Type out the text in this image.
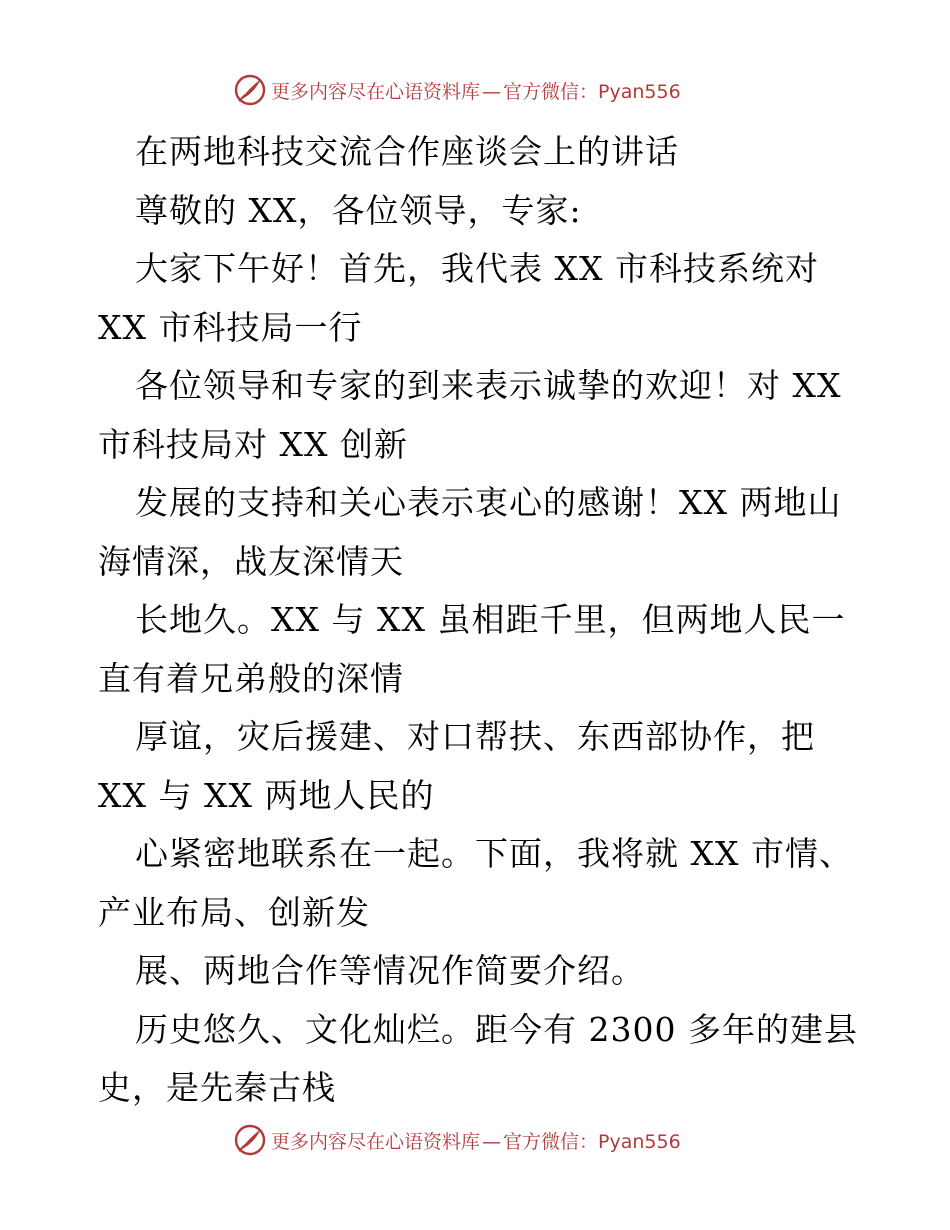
更多内容尽在心语资料库 — 官方微信：Pyan556
在两地科技交流合作座谈会上的讲话
尊敬的 XX，各位领导，专家:
大家下午好！首先，我代表 XX 市科技系统对
XX 市科技局一行
各位领导和专家的到来表示诚挚的欢迎！对 XX
市科技局对 XX 创新
发展的支持和关心表示衷心的感谢！XX 两地山
海情深，战友深情天
长地久。XX 与 XX 虽相距千里，但两地人民一
直有着兄弟般的深情
厚谊，灾后援建、对口帮扶、东西部协作，把
XX 与 XX 两地人民的
心紧密地联系在一起。下面，我将就 XX 市情、
产业布局、创新发
展、两地合作等情况作简要介绍。
历史悠久、文化灿烂。距今有 2300 多年的建县
史，是先秦古栈
更多内容尽在心语资料库 — 官方微信：Pyan556
